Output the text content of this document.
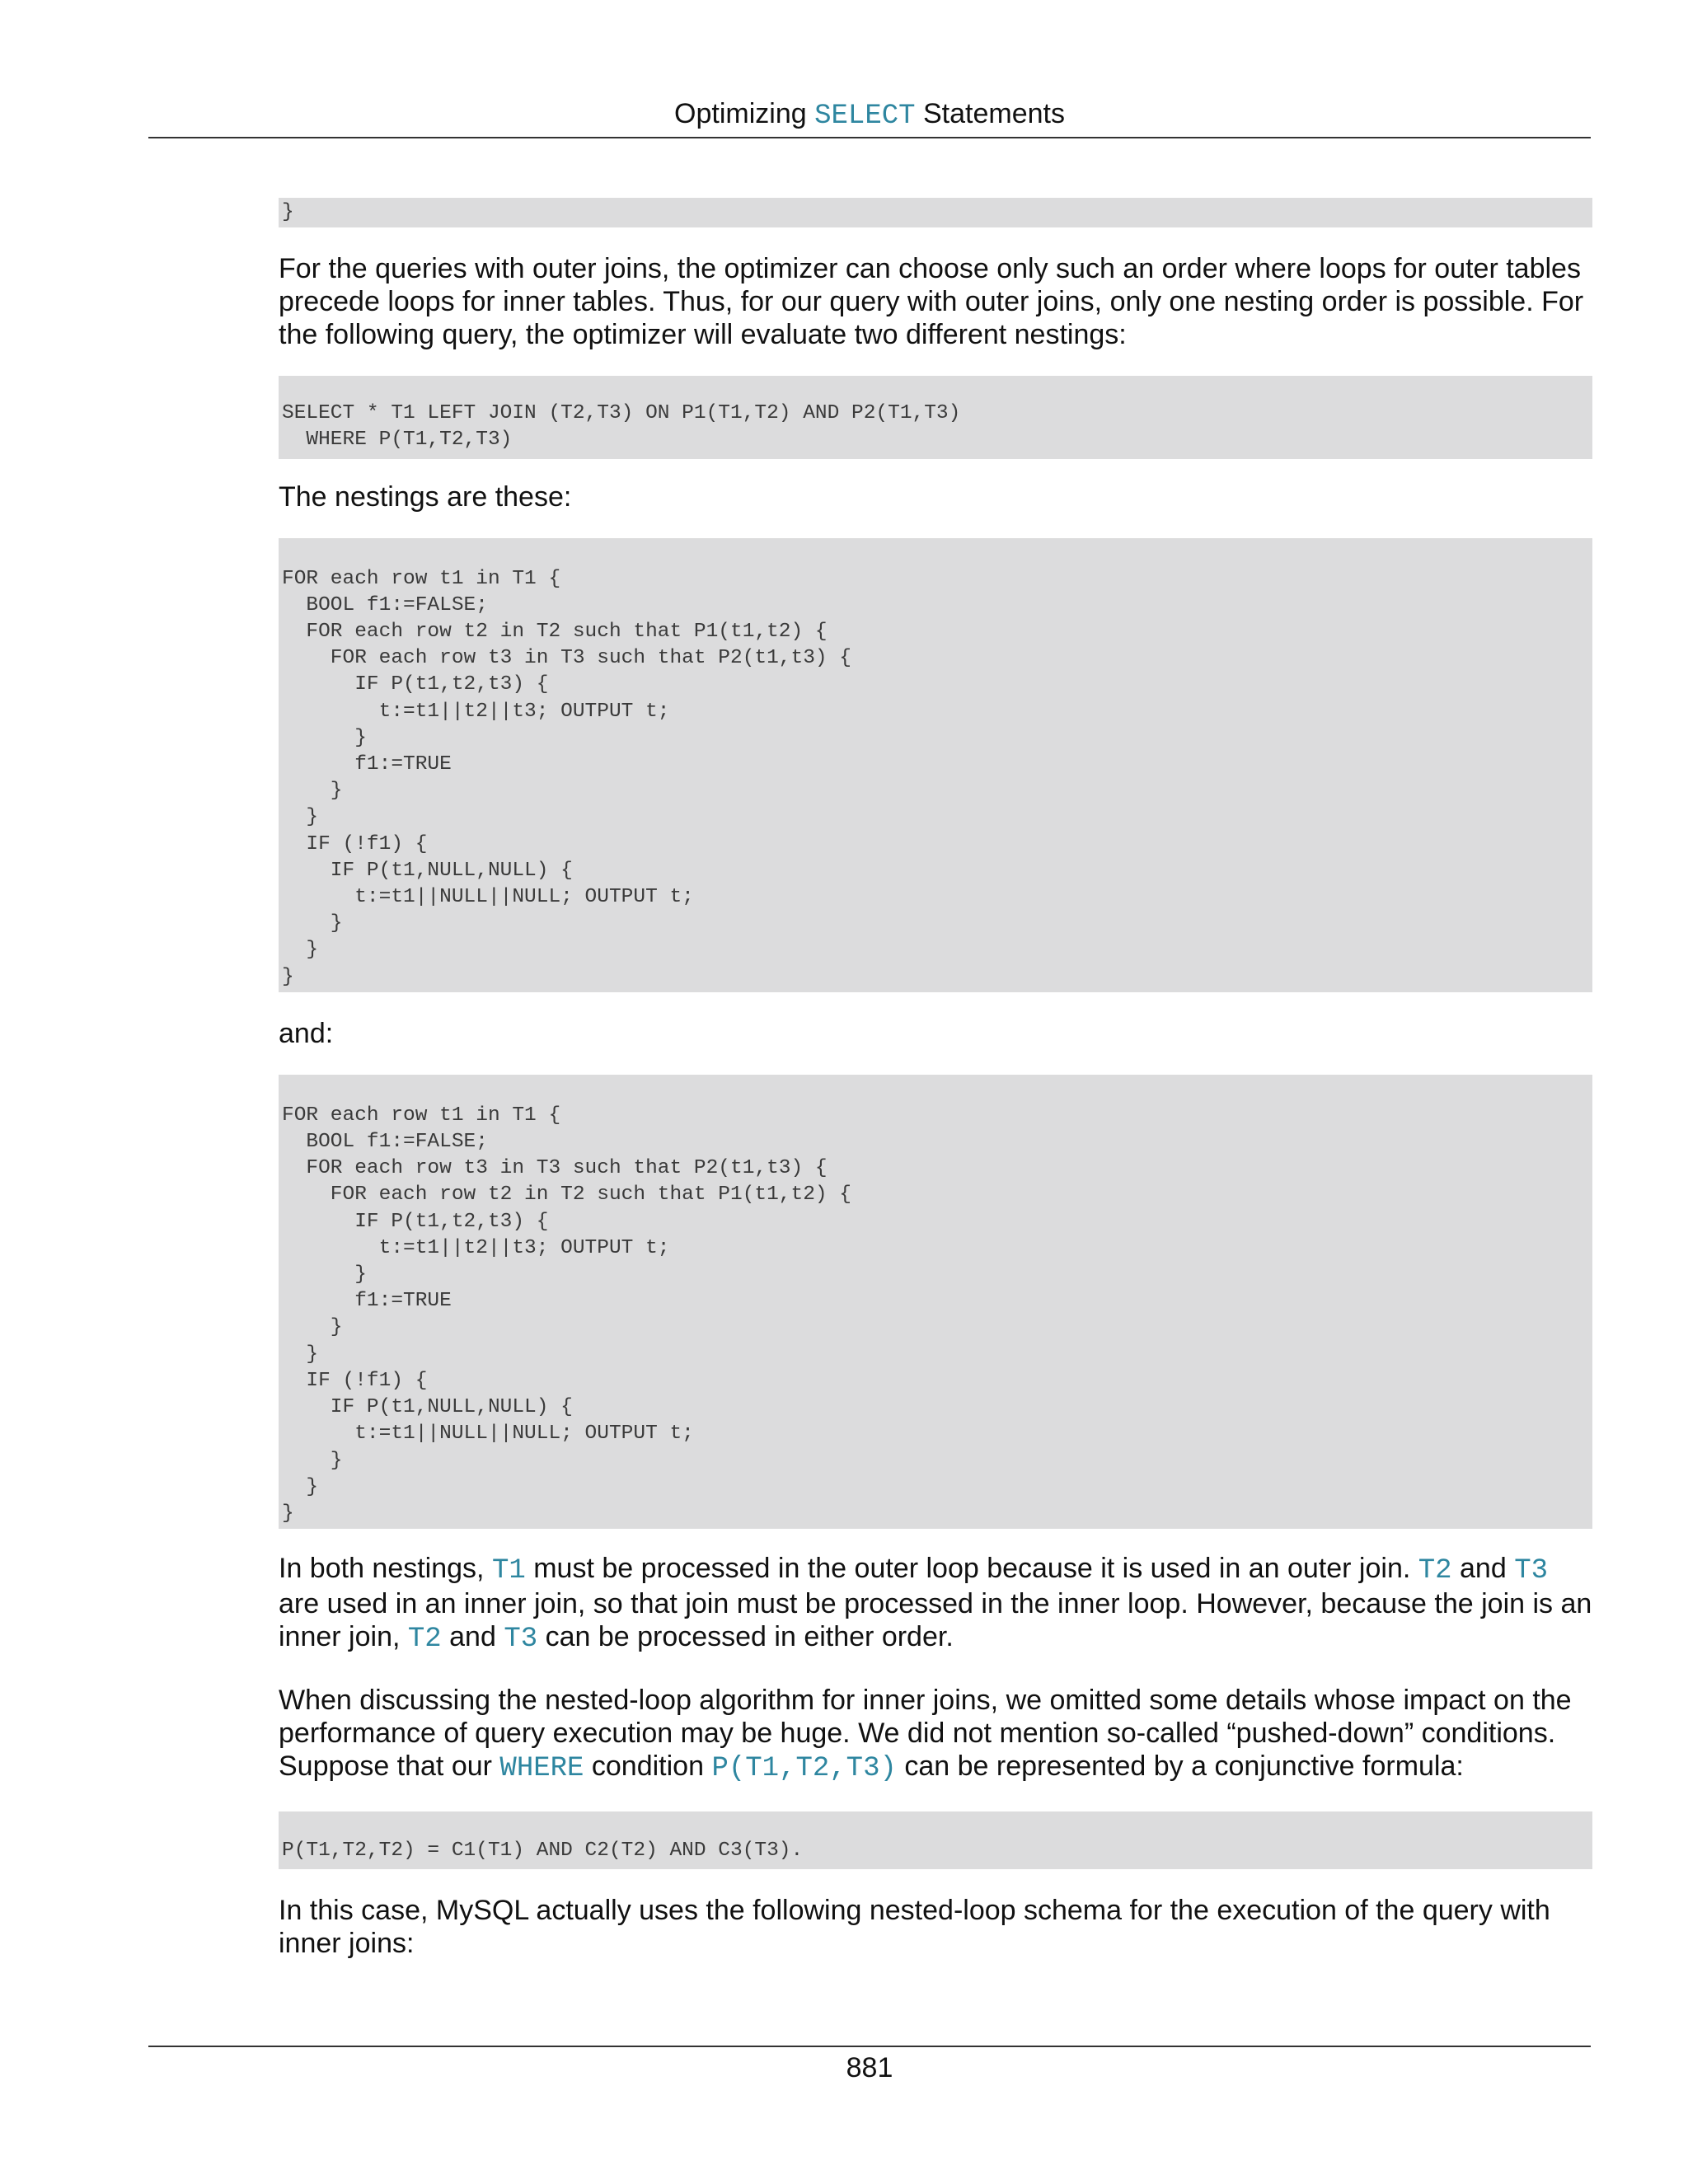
Optimizing SELECT Statements
}

For the queries with outer joins, the optimizer can choose only such an order where loops for outer tables precede loops for inner tables. Thus, for our query with outer joins, only one nesting order is possible. For the following query, the optimizer will evaluate two different nestings:

SELECT * T1 LEFT JOIN (T2,T3) ON P1(T1,T2) AND P2(T1,T3)
WHERE P(T1,T2,T3)

The nestings are these:

FOR each row t1 in T1 {
BOOL f1:=FALSE;
FOR each row t2 in T2 such that P1(t1,t2) {
FOR each row t3 in T3 such that P2(t1,t3) {
IF P(t1,t2,t3) {
t:=t1||t2||t3; OUTPUT t;
}
f1:=TRUE
}
}
IF (!f1) {
IF P(t1,NULL,NULL) {
t:=t1||NULL||NULL; OUTPUT t;
}
}
}

and:

FOR each row t1 in T1 {
BOOL f1:=FALSE;
FOR each row t3 in T3 such that P2(t1,t3) {
FOR each row t2 in T2 such that P1(t1,t2) {
IF P(t1,t2,t3) {
t:=t1||t2||t3; OUTPUT t;
}
f1:=TRUE
}
}
IF (!f1) {
IF P(t1,NULL,NULL) {
t:=t1||NULL||NULL; OUTPUT t;
}
}
}

In both nestings, T1 must be processed in the outer loop because it is used in an outer join. T2 and T3 are used in an inner join, so that join must be processed in the inner loop. However, because the join is an inner join, T2 and T3 can be processed in either order.

When discussing the nested-loop algorithm for inner joins, we omitted some details whose impact on the performance of query execution may be huge. We did not mention so-called “pushed-down” conditions. Suppose that our WHERE condition P(T1,T2,T3) can be represented by a conjunctive formula:

P(T1,T2,T2) = C1(T1) AND C2(T2) AND C3(T3).

In this case, MySQL actually uses the following nested-loop schema for the execution of the query with inner joins:

881
